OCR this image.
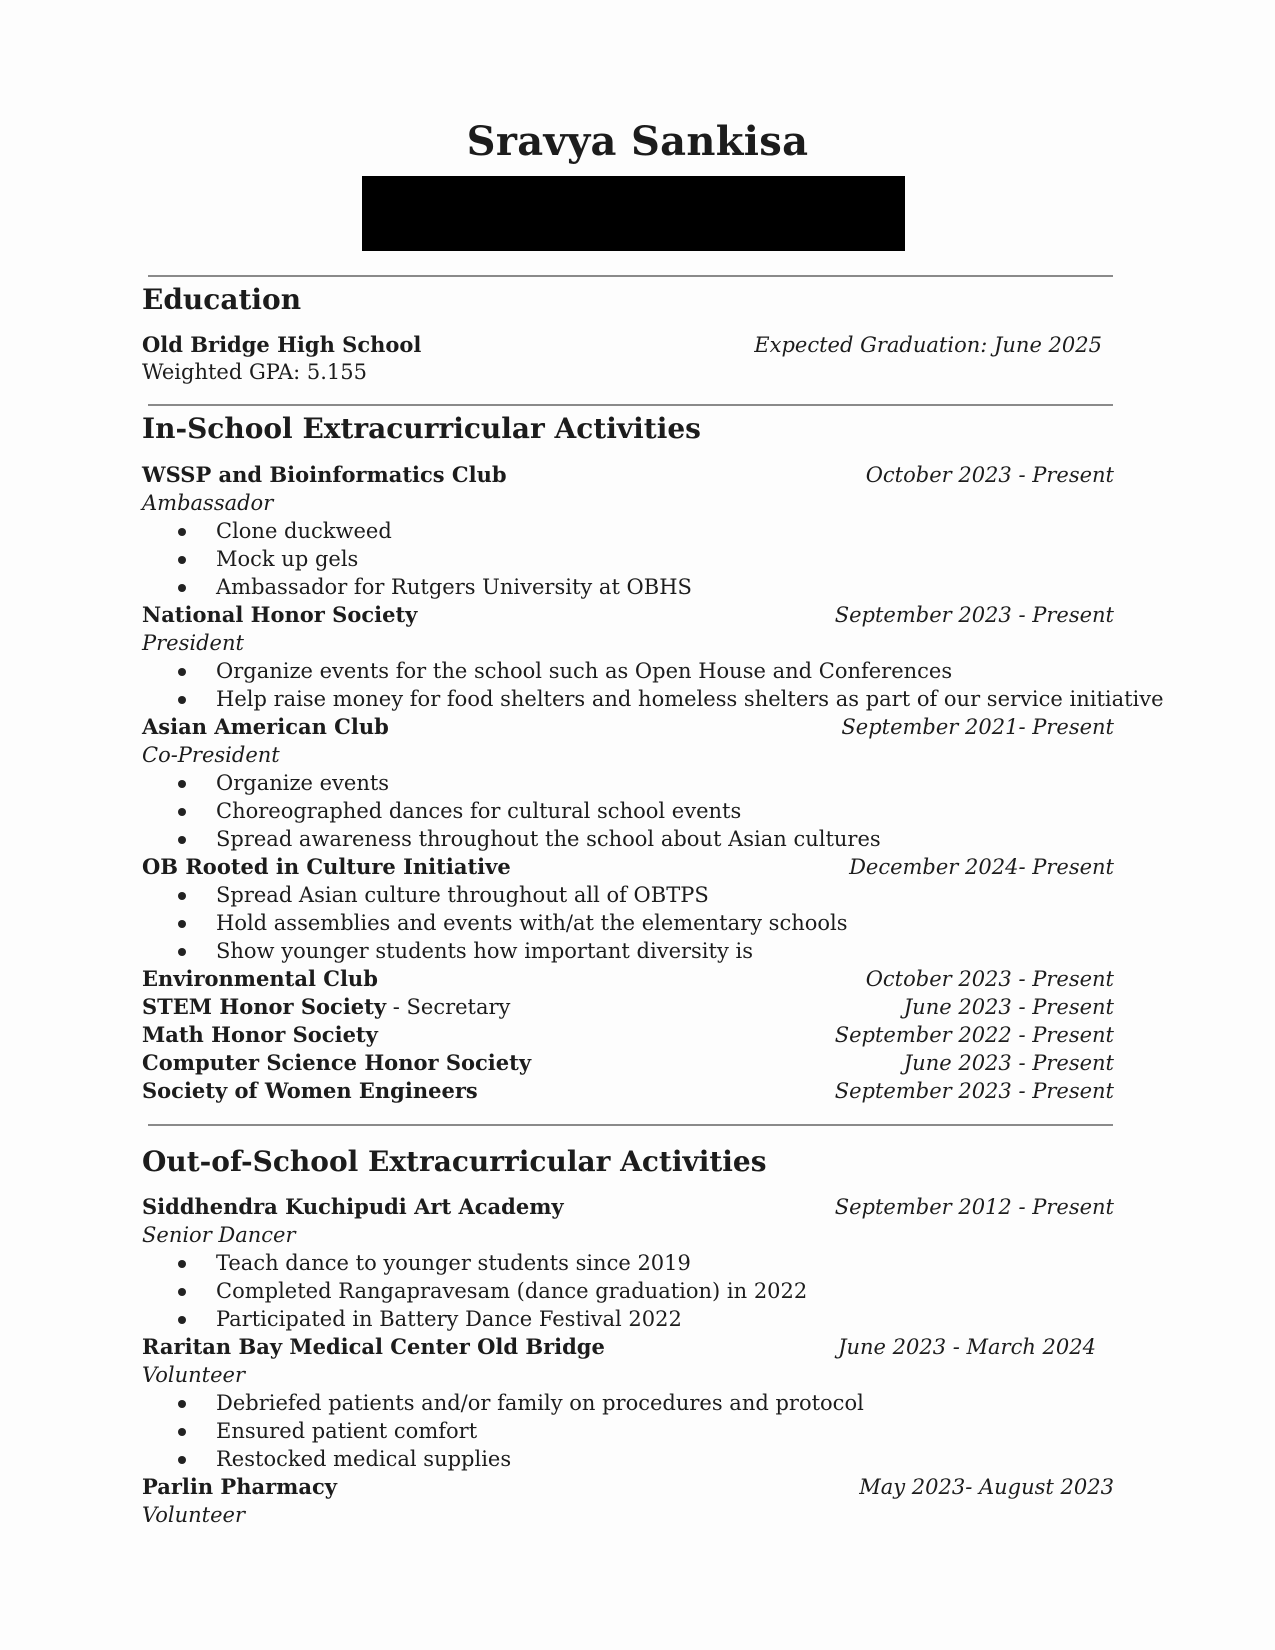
Sravya Sankisa
Education
Old Bridge High School	Expected Graduation: June 2025
Weighted GPA: 5.155
In-School Extracurricular Activities
WSSP and Bioinformatics Club	October 2023 - Present
Ambassador
Clone duckweed
Mock up gels
Ambassador for Rutgers University at OBHS
National Honor Society	September 2023 - Present
President
Organize events for the school such as Open House and Conferences
Help raise money for food shelters and homeless shelters as part of our service initiative
Asian American Club	September 2021- Present
Co-President
Organize events
Choreographed dances for cultural school events
Spread awareness throughout the school about Asian cultures
OB Rooted in Culture Initiative	December 2024- Present
Spread Asian culture throughout all of OBTPS
Hold assemblies and events with/at the elementary schools
Show younger students how important diversity is
Environmental Club	October 2023 - Present
STEM Honor Society - Secretary	June 2023 - Present
Math Honor Society	September 2022 - Present
Computer Science Honor Society	June 2023 - Present
Society of Women Engineers	September 2023 - Present
Out-of-School Extracurricular Activities
Siddhendra Kuchipudi Art Academy	September 2012 - Present
Senior Dancer
Teach dance to younger students since 2019
Completed Rangapravesam (dance graduation) in 2022
Participated in Battery Dance Festival 2022
Raritan Bay Medical Center Old Bridge	June 2023 - March 2024
Volunteer
Debriefed patients and/or family on procedures and protocol
Ensured patient comfort
Restocked medical supplies
Parlin Pharmacy	May 2023- August 2023
Volunteer
